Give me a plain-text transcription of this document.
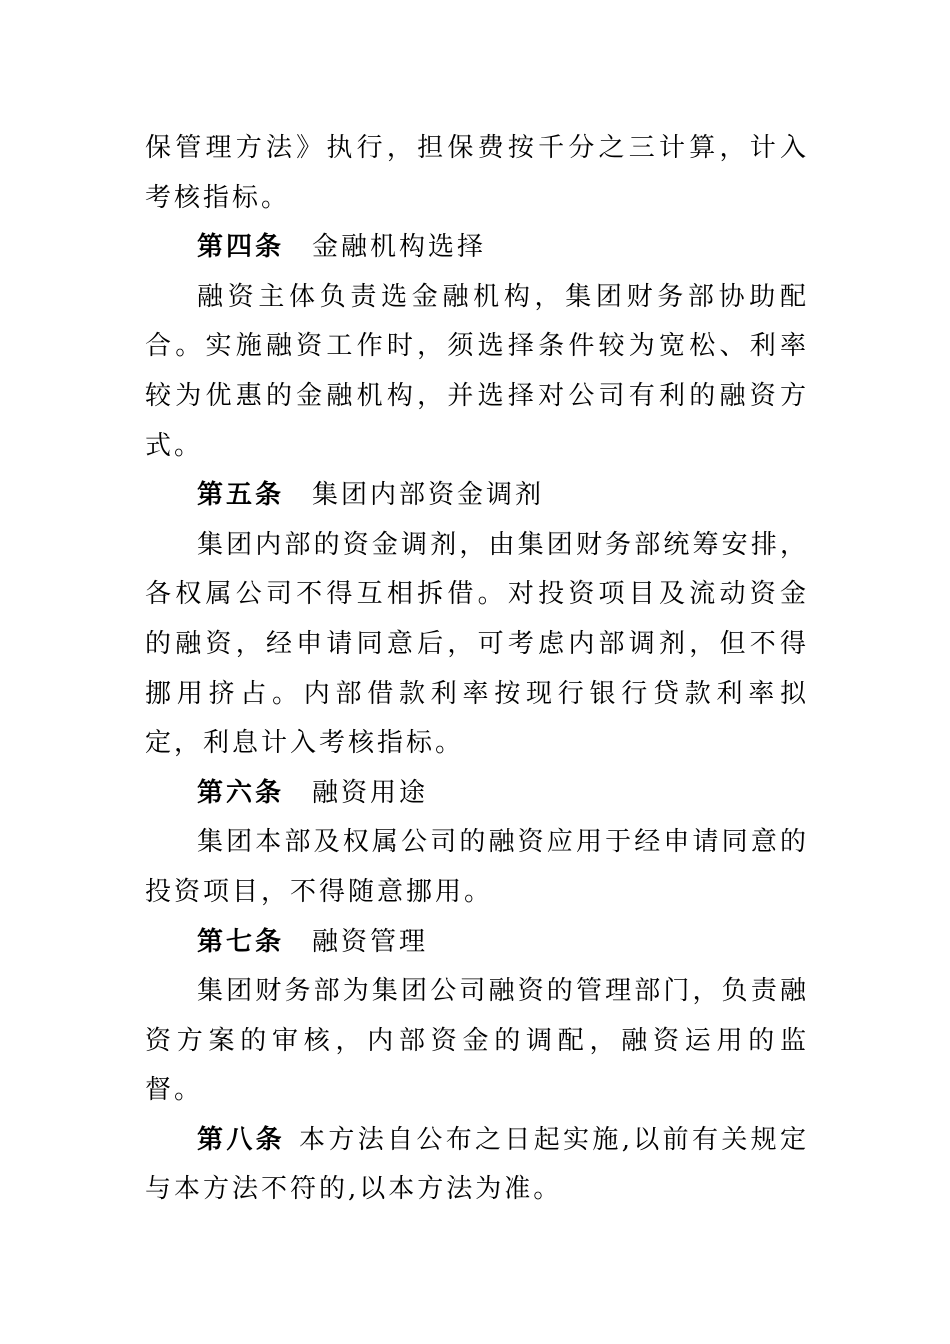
保管理方法》执行，担保费按千分之三计算，计入考核指标。

第四条 金融机构选择

融资主体负责选金融机构，集团财务部协助配合。实施融资工作时，须选择条件较为宽松、利率较为优惠的金融机构，并选择对公司有利的融资方式。

第五条 集团内部资金调剂

集团内部的资金调剂，由集团财务部统筹安排，各权属公司不得互相拆借。对投资项目及流动资金的融资，经申请同意后，可考虑内部调剂，但不得挪用挤占。内部借款利率按现行银行贷款利率拟定，利息计入考核指标。

第六条 融资用途

集团本部及权属公司的融资应用于经申请同意的投资项目，不得随意挪用。

第七条 融资管理

集团财务部为集团公司融资的管理部门，负责融资方案的审核，内部资金的调配，融资运用的监督。

第八条 本方法自公布之日起实施,以前有关规定与本方法不符的,以本方法为准。
